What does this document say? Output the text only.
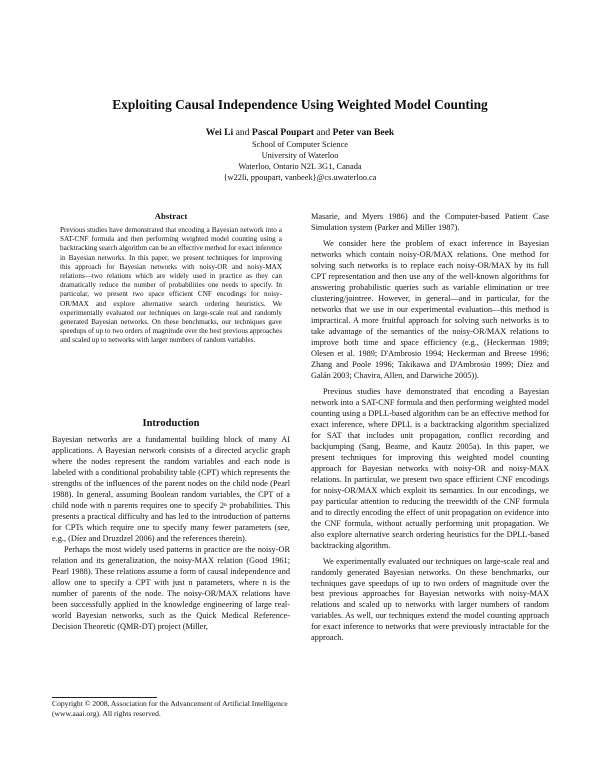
Exploiting Causal Independence Using Weighted Model Counting
Wei Li and Pascal Poupart and Peter van Beek
School of Computer Science
University of Waterloo
Waterloo, Ontario N2L 3G1, Canada
{w22li, ppoupart, vanbeek}@cs.uwaterloo.ca
Abstract

Previous studies have demonstrated that encoding a Bayesian network into a SAT-CNF formula and then performing weighted model counting using a backtracking search algorithm can be an effective method for exact inference in Bayesian networks. In this paper, we present techniques for improving this approach for Bayesian networks with noisy-OR and noisy-MAX relations—two relations which are widely used in practice as they can dramatically reduce the number of probabilities one needs to specify. In particular, we present two space efficient CNF encodings for noisy-OR/MAX and explore alternative search ordering heuristics. We experimentally evaluated our techniques on large-scale real and randomly generated Bayesian networks. On these benchmarks, our techniques gave speedups of up to two orders of magnitude over the best previous approaches and scaled up to networks with larger numbers of random variables.

Introduction

Bayesian networks are a fundamental building block of many AI applications. A Bayesian network consists of a directed acyclic graph where the nodes represent the random variables and each node is labeled with a conditional probability table (CPT) which represents the strengths of the influences of the parent nodes on the child node (Pearl 1988). In general, assuming Boolean random variables, the CPT of a child node with n parents requires one to specify 2ⁿ probabilities. This presents a practical difficulty and has led to the introduction of patterns for CPTs which require one to specify many fewer parameters (see, e.g., (Díez and Druzdzel 2006) and the references therein).

Perhaps the most widely used patterns in practice are the noisy-OR relation and its generalization, the noisy-MAX relation (Good 1961; Pearl 1988). These relations assume a form of causal independence and allow one to specify a CPT with just n parameters, where n is the number of parents of the node. The noisy-OR/MAX relations have been successfully applied in the knowledge engineering of large real-world Bayesian networks, such as the Quick Medical Reference-Decision Theoretic (QMR-DT) project (Miller,

Copyright © 2008, Association for the Advancement of Artificial Intelligence (www.aaai.org). All rights reserved.

Masarie, and Myers 1986) and the Computer-based Patient Case Simulation system (Parker and Miller 1987).

We consider here the problem of exact inference in Bayesian networks which contain noisy-OR/MAX relations. One method for solving such networks is to replace each noisy-OR/MAX by its full CPT representation and then use any of the well-known algorithms for answering probabilistic queries such as variable elimination or tree clustering/jointree. However, in general—and in particular, for the networks that we use in our experimental evaluation—this method is impractical. A more fruitful approach for solving such networks is to take advantage of the semantics of the noisy-OR/MAX relations to improve both time and space efficiency (e.g., (Heckerman 1989; Olesen et al. 1989; D'Ambrosio 1994; Heckerman and Breese 1996; Zhang and Poole 1996; Takikawa and D'Ambrosio 1999; Díez and Galán 2003; Chavira, Allen, and Darwiche 2005)).

Previous studies have demonstrated that encoding a Bayesian network into a SAT-CNF formula and then performing weighted model counting using a DPLL-based algorithm can be an effective method for exact inference, where DPLL is a backtracking algorithm specialized for SAT that includes unit propagation, conflict recording and backjumping (Sang, Beame, and Kautz 2005a). In this paper, we present techniques for improving this weighted model counting approach for Bayesian networks with noisy-OR and noisy-MAX relations. In particular, we present two space efficient CNF encodings for noisy-OR/MAX which exploit its semantics. In our encodings, we pay particular attention to reducing the treewidth of the CNF formula and to directly encoding the effect of unit propagation on evidence into the CNF formula, without actually performing unit propagation. We also explore alternative search ordering heuristics for the DPLL-based backtracking algorithm.

We experimentally evaluated our techniques on large-scale real and randomly generated Bayesian networks. On these benchmarks, our techniques gave speedups of up to two orders of magnitude over the best previous approaches for Bayesian networks with noisy-MAX relations and scaled up to networks with larger numbers of random variables. As well, our techniques extend the model counting approach for exact inference to networks that were previously intractable for the approach.
